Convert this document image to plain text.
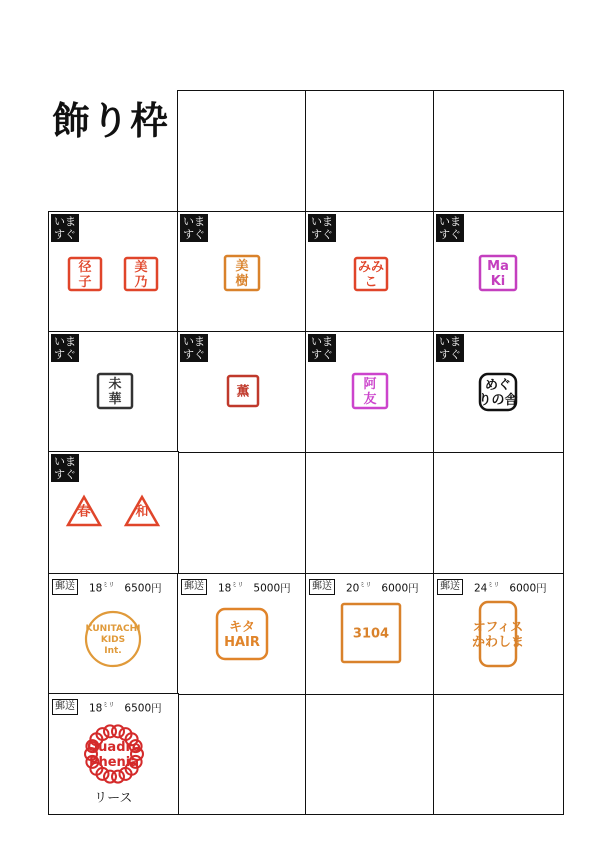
飾り枠
いま
すぐ
径
子
美
乃
いま
すぐ
美
樹
いま
すぐ
みみ
こ
いま
すぐ
Ma
Ki
いま
すぐ
未
華
いま
すぐ
薫
いま
すぐ
阿
友
いま
すぐ
めぐ
りの舎
いま
すぐ
春	和
郵送 $18^{ミリ}$ 6500円
KUNITACHI
KIDS
Int.
郵送 $18^{ミリ}$ 5000円
キタ
HAIR
郵送 $20^{ミリ}$ 6000円
3104
郵送 $24^{ミリ}$ 6000円
オフィス
かわしま
郵送 $18^{ミリ}$ 6500円
Quadro
Phenia
リース
